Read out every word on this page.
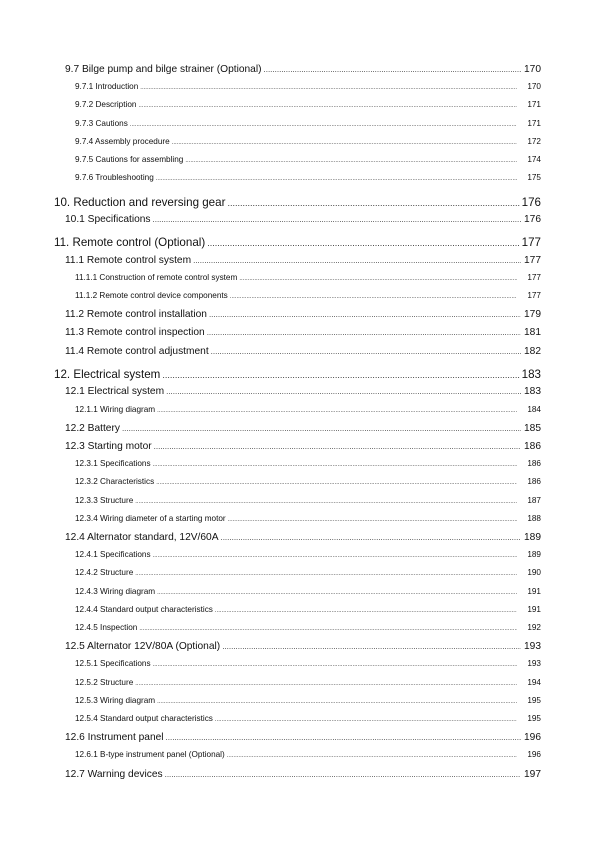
9.7 Bilge pump and bilge strainer (Optional) .....	170
9.7.1 Introduction .....	170
9.7.2 Description .....	171
9.7.3 Cautions .....	171
9.7.4 Assembly procedure .....	172
9.7.5 Cautions for assembling .....	174
9.7.6 Troubleshooting .....	175
10. Reduction and reversing gear .....	176
10.1 Specifications .....	176
11. Remote control (Optional) .....	177
11.1 Remote control system .....	177
11.1.1 Construction of remote control system .....	177
11.1.2 Remote control device components .....	177
11.2 Remote control installation .....	179
11.3 Remote control inspection .....	181
11.4 Remote control adjustment .....	182
12. Electrical system .....	183
12.1 Electrical system .....	183
12.1.1 Wiring diagram .....	184
12.2 Battery .....	185
12.3 Starting motor .....	186
12.3.1 Specifications .....	186
12.3.2 Characteristics .....	186
12.3.3 Structure .....	187
12.3.4 Wiring diameter of a starting motor .....	188
12.4 Alternator standard, 12V/60A .....	189
12.4.1 Specifications .....	189
12.4.2 Structure .....	190
12.4.3 Wiring diagram .....	191
12.4.4 Standard output characteristics .....	191
12.4.5 Inspection .....	192
12.5 Alternator 12V/80A (Optional) .....	193
12.5.1 Specifications .....	193
12.5.2 Structure .....	194
12.5.3 Wiring diagram .....	195
12.5.4 Standard output characteristics .....	195
12.6 Instrument panel .....	196
12.6.1 B-type instrument panel (Optional) .....	196
12.7 Warning devices .....	197
